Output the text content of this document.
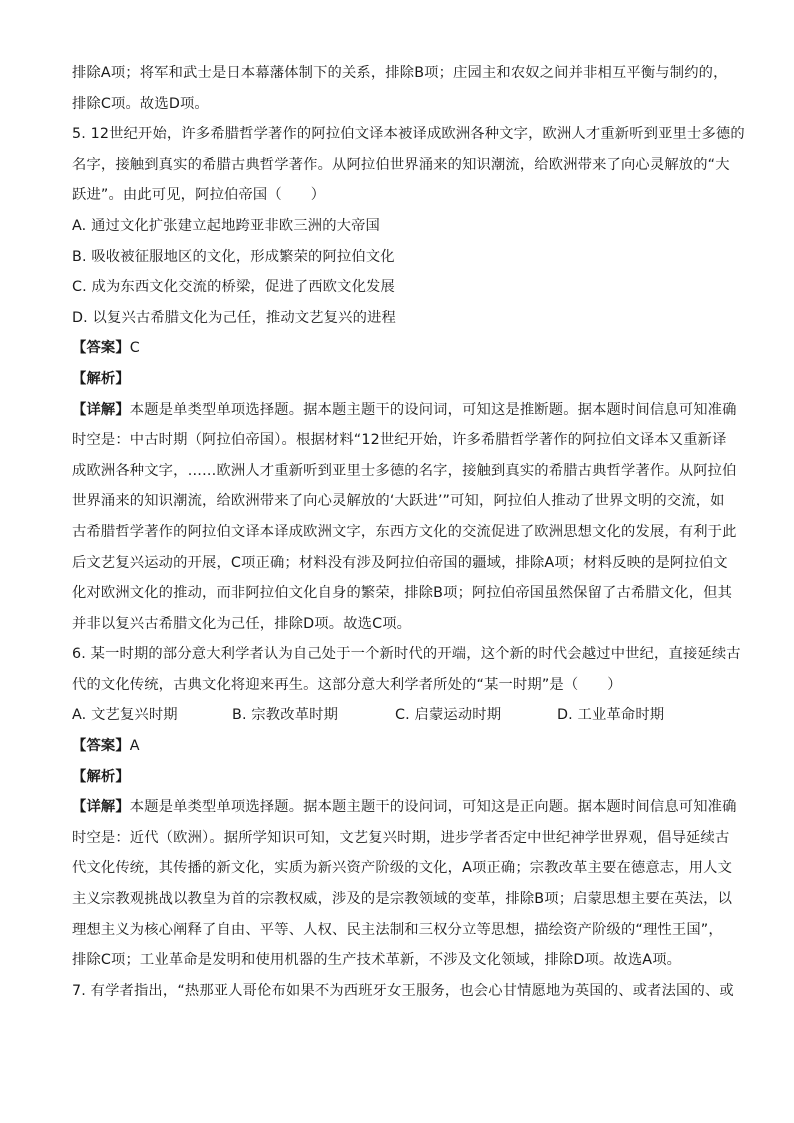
排除A项；将军和武士是日本幕藩体制下的关系，排除B项；庄园主和农奴之间并非相互平衡与制约的，
排除C项。故选D项。
5. 12世纪开始，许多希腊哲学著作的阿拉伯文译本被译成欧洲各种文字，欧洲人才重新听到亚里士多德的
名字，接触到真实的希腊古典哲学著作。从阿拉伯世界涌来的知识潮流，给欧洲带来了向心灵解放的“大
跃进”。由此可见，阿拉伯帝国（　　）
A. 通过文化扩张建立起地跨亚非欧三洲的大帝国
B. 吸收被征服地区的文化，形成繁荣的阿拉伯文化
C. 成为东西文化交流的桥梁，促进了西欧文化发展
D. 以复兴古希腊文化为己任，推动文艺复兴的进程
【答案】C
【解析】
【详解】本题是单类型单项选择题。据本题主题干的设问词，可知这是推断题。据本题时间信息可知准确
时空是：中古时期（阿拉伯帝国）。根据材料“12世纪开始，许多希腊哲学著作的阿拉伯文译本又重新译
成欧洲各种文字，……欧洲人才重新听到亚里士多德的名字，接触到真实的希腊古典哲学著作。从阿拉伯
世界涌来的知识潮流，给欧洲带来了向心灵解放的‘大跃进’”可知，阿拉伯人推动了世界文明的交流，如
古希腊哲学著作的阿拉伯文译本译成欧洲文字，东西方文化的交流促进了欧洲思想文化的发展，有利于此
后文艺复兴运动的开展，C项正确；材料没有涉及阿拉伯帝国的疆域，排除A项；材料反映的是阿拉伯文
化对欧洲文化的推动，而非阿拉伯文化自身的繁荣，排除B项；阿拉伯帝国虽然保留了古希腊文化，但其
并非以复兴古希腊文化为己任，排除D项。故选C项。
6. 某一时期的部分意大利学者认为自己处于一个新时代的开端，这个新的时代会越过中世纪，直接延续古
代的文化传统，古典文化将迎来再生。这部分意大利学者所处的“某一时期”是（　　）
A. 文艺复兴时期	B. 宗教改革时期	C. 启蒙运动时期	D. 工业革命时期
【答案】A
【解析】
【详解】本题是单类型单项选择题。据本题主题干的设问词，可知这是正向题。据本题时间信息可知准确
时空是：近代（欧洲）。据所学知识可知，文艺复兴时期，进步学者否定中世纪神学世界观，倡导延续古
代文化传统，其传播的新文化，实质为新兴资产阶级的文化，A项正确；宗教改革主要在德意志，用人文
主义宗教观挑战以教皇为首的宗教权威，涉及的是宗教领域的变革，排除B项；启蒙思想主要在英法，以
理想主义为核心阐释了自由、平等、人权、民主法制和三权分立等思想，描绘资产阶级的“理性王国”，
排除C项；工业革命是发明和使用机器的生产技术革新，不涉及文化领域，排除D项。故选A项。
7. 有学者指出，“热那亚人哥伦布如果不为西班牙女王服务，也会心甘情愿地为英国的、或者法国的、或
